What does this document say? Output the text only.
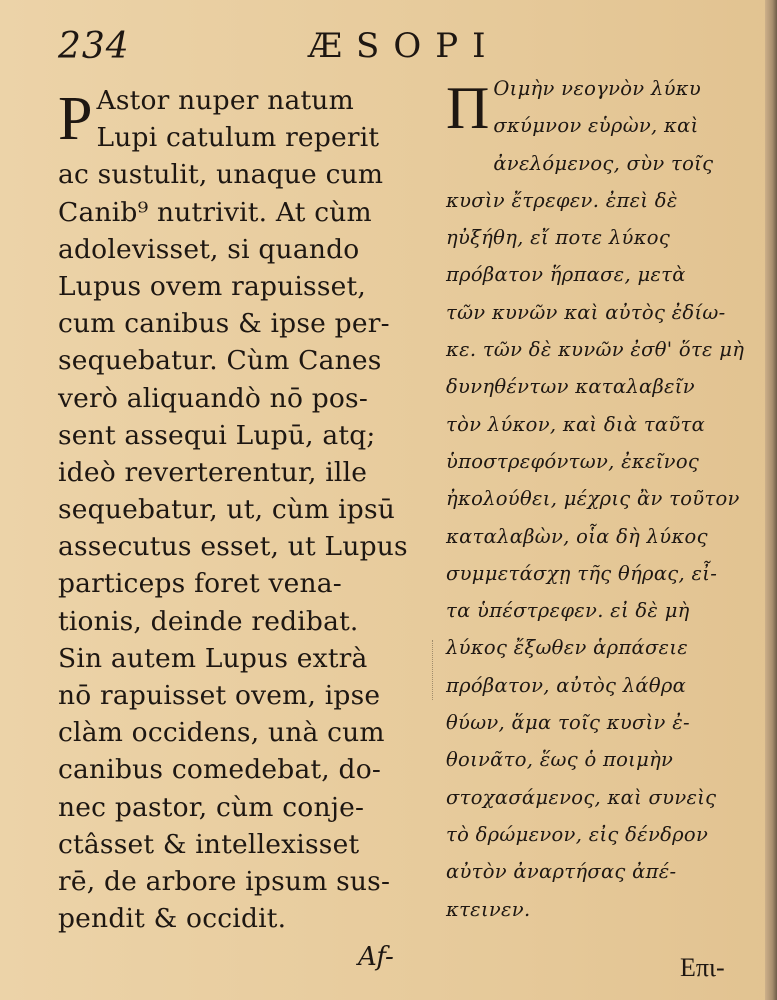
234	ÆSOPI
P Astor nuper natum
Lupi catulum reperit
ac sustulit, unaque cum
Canib⁹ nutrivit. At cùm
adolevisset, si quando
Lupus ovem rapuisset,
cum canibus & ipse per-
sequebatur. Cùm Canes
verò aliquandò nō pos-
sent assequi Lupū, atq;
ideò reverterentur, ille
sequebatur, ut, cùm ipsū
assecutus esset, ut Lupus
particeps foret vena-
tionis, deinde redibat.
Sin autem Lupus extrà
nō rapuisset ovem, ipse
clàm occidens, unà cum
canibus comedebat, do-
nec pastor, cùm conje-
ctâsset & intellexisset
rē, de arbore ipsum sus-
pendit & occidit.
Af-
Π Οιμὴν νεογνὸν λύκυ
σκύμνον εὑρὼν, καὶ
ἀνελόμενος, σὺν τοῖς
κυσὶν ἔτρεφεν. ἐπεὶ δὲ
ηὐξήθη, εἴ ποτε λύκος
πρόβατον ἥρπασε, μετὰ
τῶν κυνῶν καὶ αὐτὸς ἐδίω-
κε. τῶν δὲ κυνῶν ἐσθ' ὅτε μὴ
δυνηθέντων καταλαβεῖν
τὸν λύκον, καὶ διὰ ταῦτα
ὑποστρεφόντων, ἐκεῖνος
ἠκολούθει, μέχρις ἂν τοῦτον
καταλαβὼν, οἷα δὴ λύκος
συμμετάσχῃ τῆς θήρας, εἶ-
τα ὑπέστρεφεν. εἰ δὲ μὴ
λύκος ἔξωθεν ἁρπάσειε
πρόβατον, αὐτὸς λάθρα
θύων, ἅμα τοῖς κυσὶν ἐ-
θοινᾶτο, ἕως ὁ ποιμὴν
στοχασάμενος, καὶ συνεὶς
τὸ δρώμενον, εἰς δένδρον
αὐτὸν ἀναρτήσας ἀπέ-
κτεινεν.
Επι-
